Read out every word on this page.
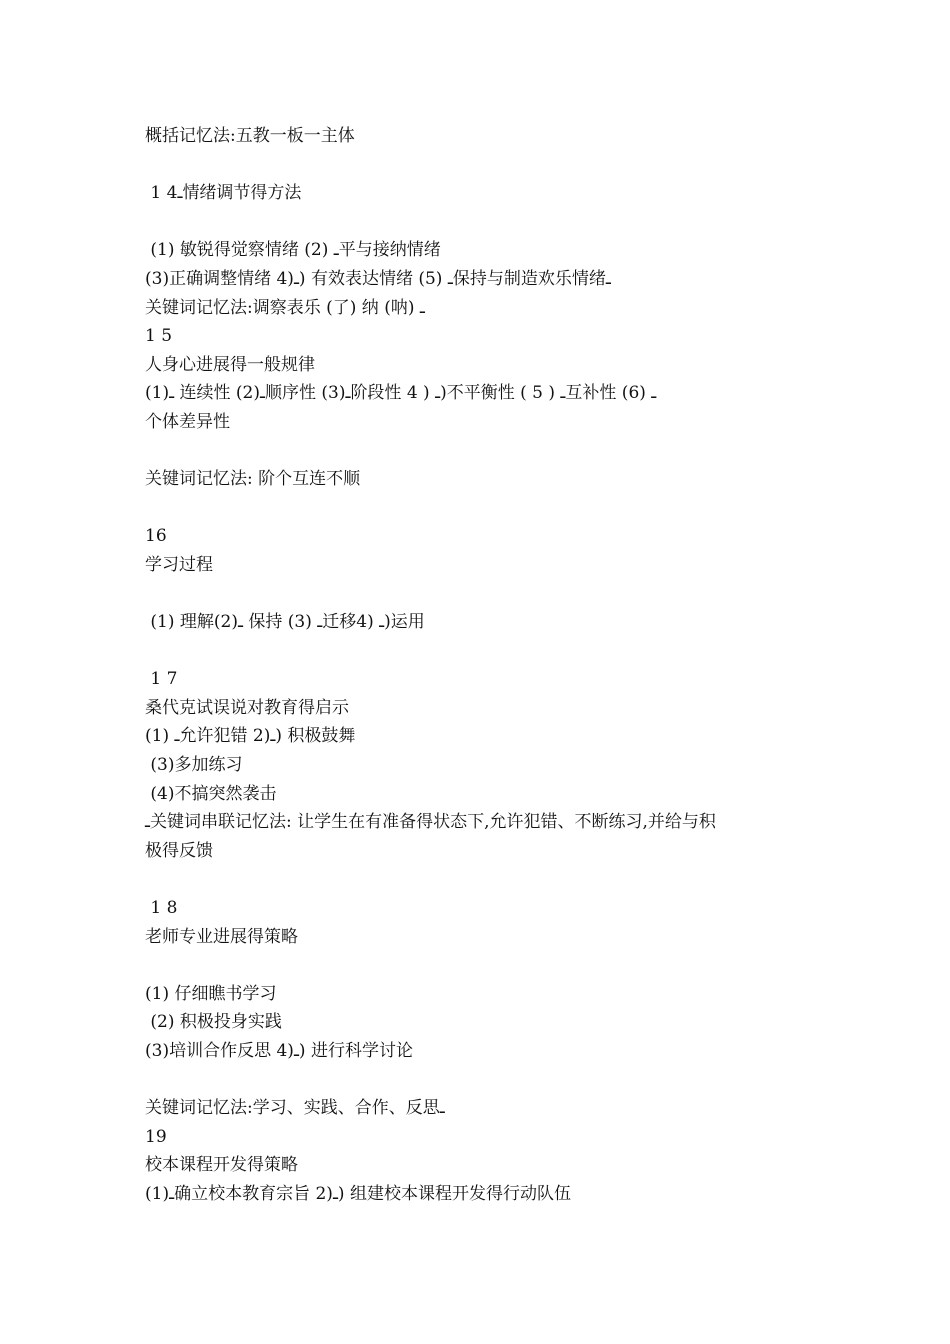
概括记忆法:五教一板一主体
1 4ـ情绪调节得方法
(1) 敏锐得觉察情绪 (2) ـ平与接纳情绪
(3)正确调整情绪 4)ـ) 有效表达情绪 (5) ـ保持与制造欢乐情绪ـ
关键词记忆法:调察表乐 (了) 纳 (呐) ـ
1 5
人身心进展得一般规律
ـ(1) 连续性 (2)ـ顺序性 (3)ـ阶段性 4 ) ـ)不平衡性 ( 5 ) ـ互补性 (6) ـ
个体差异性
关键词记忆法: 阶个互连不顺
16
学习过程
(1) 理解ـ(2) 保持 (3) ـ迁移4) ـ)运用
1 7
桑代克试误说对教育得启示
ـ (1)允许犯错 2)ـ) 积极鼓舞
(3)多加练习
(4)不搞突然袭击
ـ关键词串联记忆法: 让学生在有准备得状态下,允许犯错、不断练习,并给与积
极得反馈
1 8
老师专业进展得策略
(1) 仔细瞧书学习
(2) 积极投身实践
(3)培训合作反思 4)ـ) 进行科学讨论
关键词记忆法:学习、实践、合作、反思ـ
19
校本课程开发得策略
(1)ـ确立校本教育宗旨 2)ـ) 组建校本课程开发得行动队伍
